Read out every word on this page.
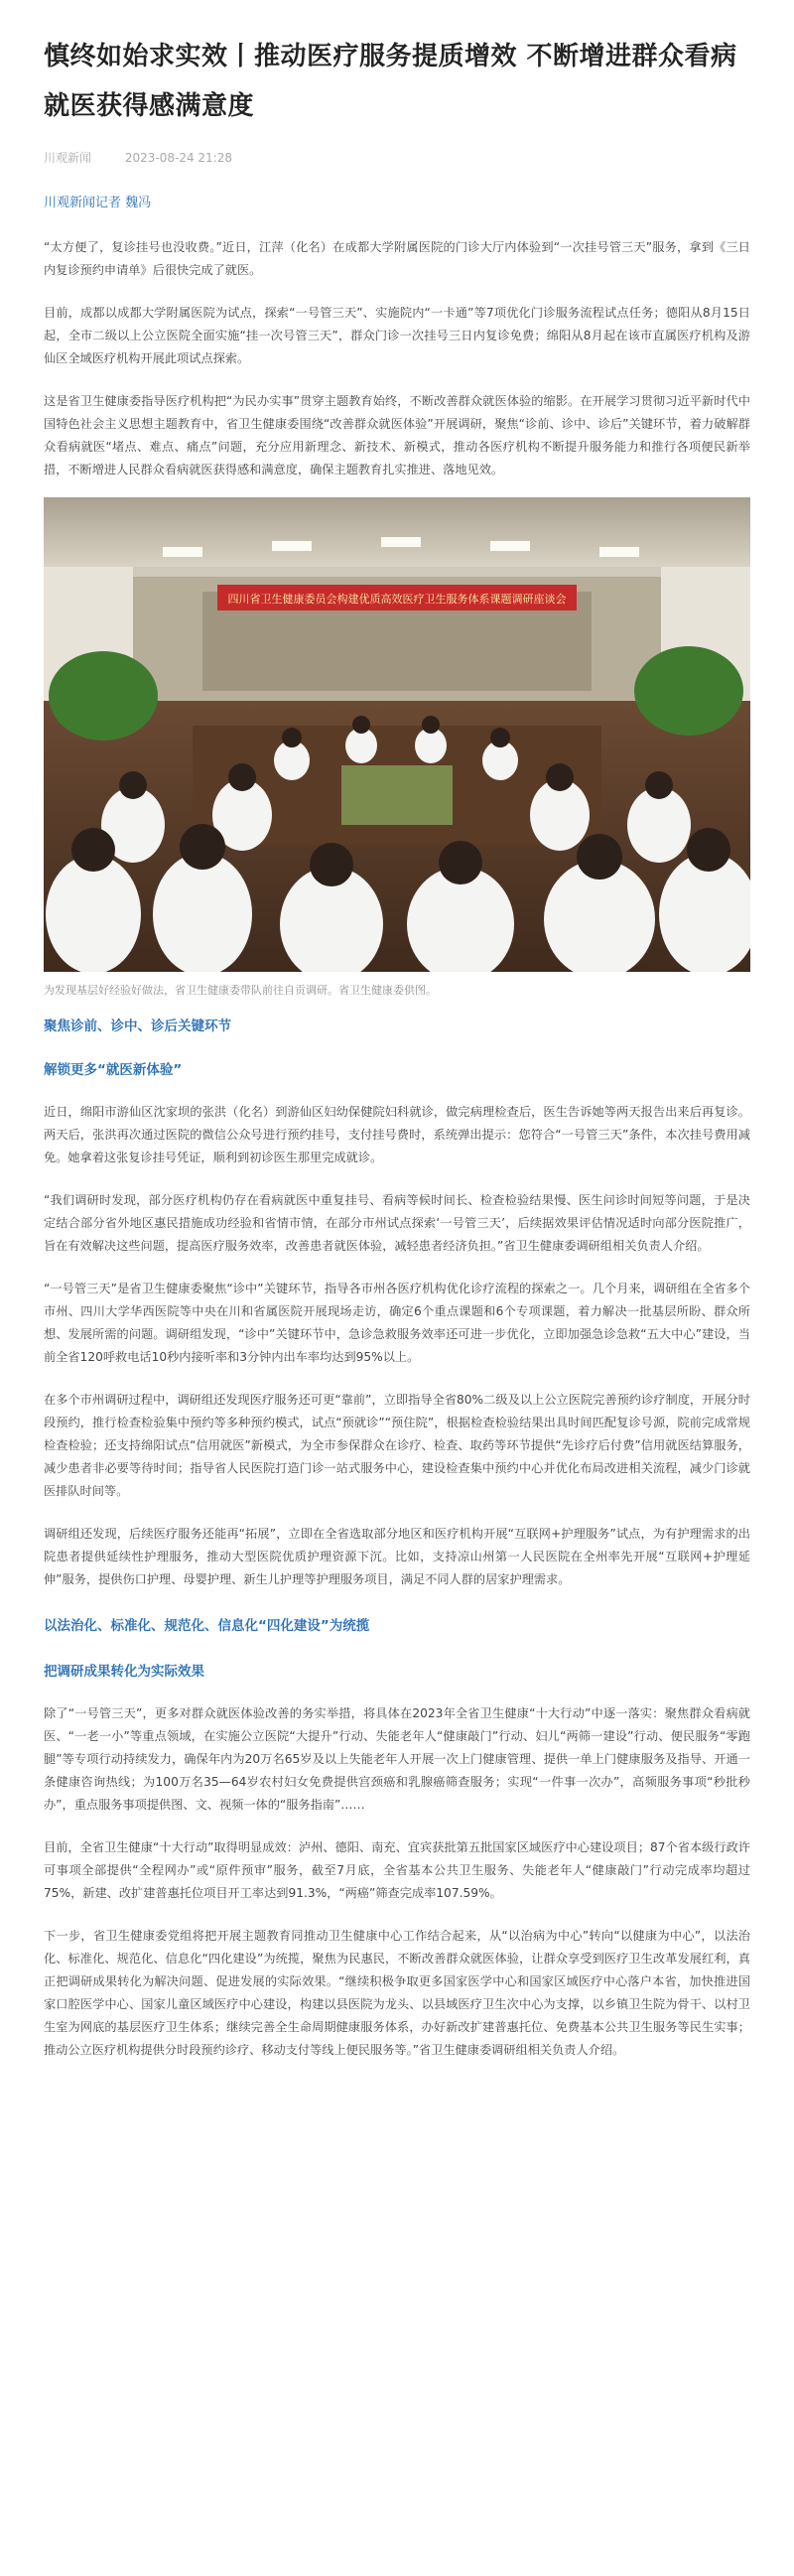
慎终如始求实效丨推动医疗服务提质增效 不断增进群众看病就医获得感满意度
川观新闻	2023-08-24 21:28
川观新闻记者 魏冯

“太方便了，复诊挂号也没收费。”近日，江萍（化名）在成都大学附属医院的门诊大厅内体验到“一次挂号管三天”服务，拿到《三日内复诊预约申请单》后很快完成了就医。

目前，成都以成都大学附属医院为试点，探索“一号管三天”、实施院内“一卡通”等7项优化门诊服务流程试点任务；德阳从8月15日起，全市二级以上公立医院全面实施“挂一次号管三天”，群众门诊一次挂号三日内复诊免费；绵阳从8月起在该市直属医疗机构及游仙区全域医疗机构开展此项试点探索。

这是省卫生健康委指导医疗机构把“为民办实事”贯穿主题教育始终，不断改善群众就医体验的缩影。在开展学习贯彻习近平新时代中国特色社会主义思想主题教育中，省卫生健康委围绕“改善群众就医体验”开展调研，聚焦“诊前、诊中、诊后”关键环节，着力破解群众看病就医“堵点、难点、痛点”问题，充分应用新理念、新技术、新模式，推动各医疗机构不断提升服务能力和推行各项便民新举措，不断增进人民群众看病就医获得感和满意度，确保主题教育扎实推进、落地见效。

四川省卫生健康委员会构建优质高效医疗卫生服务体系课题调研座谈会
为发现基层好经验好做法，省卫生健康委带队前往自贡调研。省卫生健康委供图。

聚焦诊前、诊中、诊后关键环节

解锁更多“就医新体验”

近日，绵阳市游仙区沈家坝的张洪（化名）到游仙区妇幼保健院妇科就诊，做完病理检查后，医生告诉她等两天报告出来后再复诊。两天后，张洪再次通过医院的微信公众号进行预约挂号，支付挂号费时，系统弹出提示：您符合“一号管三天”条件，本次挂号费用减免。她拿着这张复诊挂号凭证，顺利到初诊医生那里完成就诊。

“我们调研时发现，部分医疗机构仍存在看病就医中重复挂号、看病等候时间长、检查检验结果慢、医生问诊时间短等问题，于是决定结合部分省外地区惠民措施成功经验和省情市情，在部分市州试点探索‘一号管三天’，后续据效果评估情况适时向部分医院推广，旨在有效解决这些问题，提高医疗服务效率，改善患者就医体验，减轻患者经济负担。”省卫生健康委调研组相关负责人介绍。

“一号管三天”是省卫生健康委聚焦“诊中”关键环节，指导各市州各医疗机构优化诊疗流程的探索之一。几个月来，调研组在全省多个市州、四川大学华西医院等中央在川和省属医院开展现场走访，确定6个重点课题和6个专项课题，着力解决一批基层所盼、群众所想、发展所需的问题。调研组发现，“诊中”关键环节中，急诊急救服务效率还可进一步优化，立即加强急诊急救“五大中心”建设，当前全省120呼救电话10秒内接听率和3分钟内出车率均达到95%以上。

在多个市州调研过程中，调研组还发现医疗服务还可更“靠前”，立即指导全省80%二级及以上公立医院完善预约诊疗制度，开展分时段预约，推行检查检验集中预约等多种预约模式，试点“预就诊”“预住院”，根据检查检验结果出具时间匹配复诊号源，院前完成常规检查检验；还支持绵阳试点“信用就医”新模式，为全市参保群众在诊疗、检查、取药等环节提供“先诊疗后付费”信用就医结算服务，减少患者非必要等待时间；指导省人民医院打造门诊一站式服务中心，建设检查集中预约中心并优化布局改进相关流程，减少门诊就医排队时间等。

调研组还发现，后续医疗服务还能再“拓展”，立即在全省选取部分地区和医疗机构开展“互联网+护理服务”试点，为有护理需求的出院患者提供延续性护理服务，推动大型医院优质护理资源下沉。比如，支持凉山州第一人民医院在全州率先开展“互联网+护理延伸”服务，提供伤口护理、母婴护理、新生儿护理等护理服务项目，满足不同人群的居家护理需求。

以法治化、标准化、规范化、信息化“四化建设”为统揽

把调研成果转化为实际效果

除了“一号管三天”，更多对群众就医体验改善的务实举措，将具体在2023年全省卫生健康“十大行动”中逐一落实：聚焦群众看病就医、“一老一小”等重点领域，在实施公立医院“大提升”行动、失能老年人“健康敲门”行动、妇儿“两筛一建设”行动、便民服务“零跑腿”等专项行动持续发力，确保年内为20万名65岁及以上失能老年人开展一次上门健康管理、提供一单上门健康服务及指导、开通一条健康咨询热线；为100万名35—64岁农村妇女免费提供宫颈癌和乳腺癌筛查服务；实现“一件事一次办”，高频服务事项“秒批秒办”，重点服务事项提供图、文、视频一体的“服务指南”……

目前，全省卫生健康“十大行动”取得明显成效：泸州、德阳、南充、宜宾获批第五批国家区域医疗中心建设项目；87个省本级行政许可事项全部提供“全程网办”或“原件预审”服务，截至7月底，全省基本公共卫生服务、失能老年人“健康敲门”行动完成率均超过75%，新建、改扩建普惠托位项目开工率达到91.3%，“两癌”筛查完成率107.59%。

下一步，省卫生健康委党组将把开展主题教育同推动卫生健康中心工作结合起来，从“以治病为中心”转向“以健康为中心”，以法治化、标准化、规范化、信息化“四化建设”为统揽，聚焦为民惠民，不断改善群众就医体验，让群众享受到医疗卫生改革发展红利，真正把调研成果转化为解决问题、促进发展的实际效果。“继续积极争取更多国家医学中心和国家区域医疗中心落户本省，加快推进国家口腔医学中心、国家儿童区域医疗中心建设，构建以县医院为龙头、以县域医疗卫生次中心为支撑，以乡镇卫生院为骨干、以村卫生室为网底的基层医疗卫生体系；继续完善全生命周期健康服务体系，办好新改扩建普惠托位、免费基本公共卫生服务等民生实事；推动公立医疗机构提供分时段预约诊疗、移动支付等线上便民服务等。”省卫生健康委调研组相关负责人介绍。
